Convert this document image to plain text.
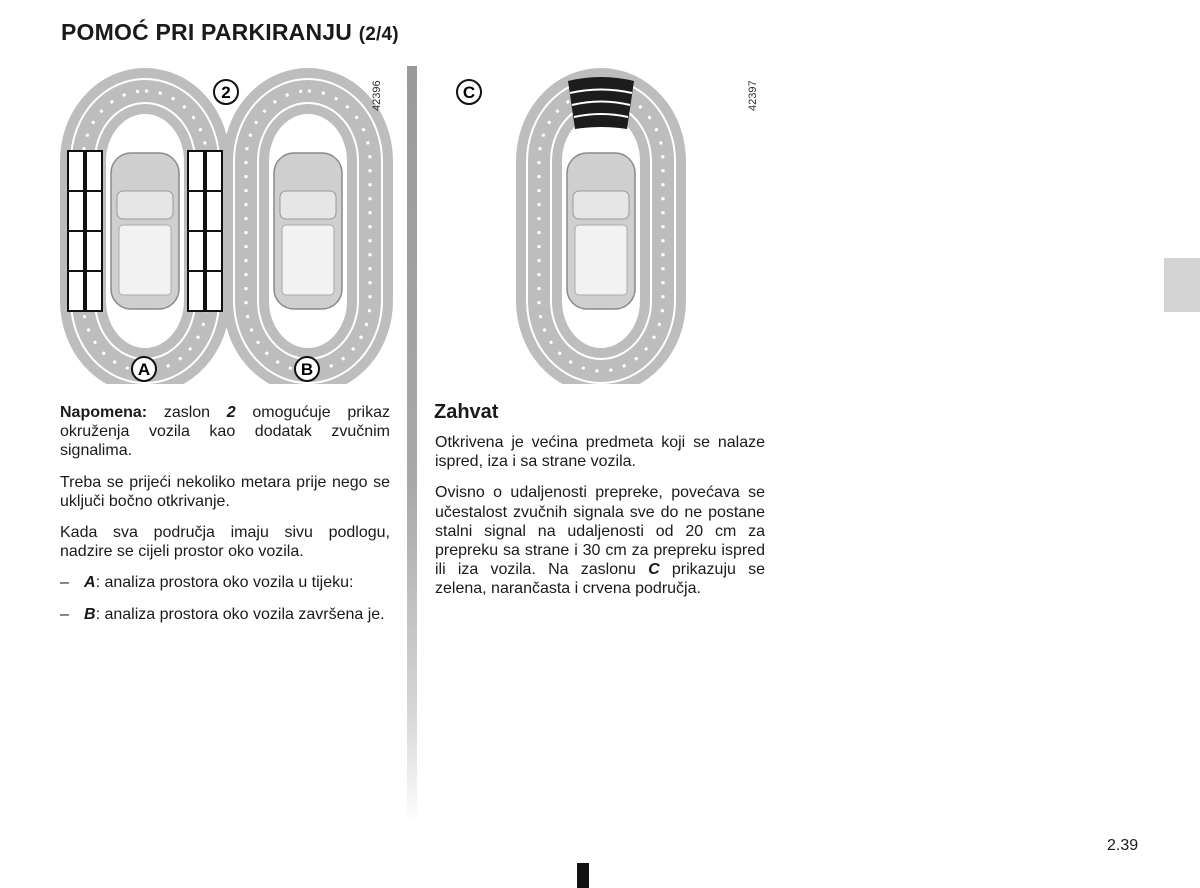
POMOĆ PRI PARKIRANJU (2/4)
2
A	B
42396	C	42397

Napomena: zaslon 2 omogućuje prikaz okruženja vozila kao dodatak zvučnim signalima.

Treba se prijeći nekoliko metara prije nego se uključi bočno otkrivanje.

Kada sva područja imaju sivu podlogu, nadzire se cijeli prostor oko vozila.

– A: analiza prostora oko vozila u tijeku:
– B: analiza prostora oko vozila završena je.
Zahvat

Otkrivena je većina predmeta koji se nalaze ispred, iza i sa strane vozila.

Ovisno o udaljenosti prepreke, povećava se učestalost zvučnih signala sve do ne postane stalni signal na udaljenosti od 20 cm za prepreku sa strane i 30 cm za prepreku ispred ili iza vozila. Na zaslonu C prikazuju se zelena, narančasta i crvena područja.

2.39
